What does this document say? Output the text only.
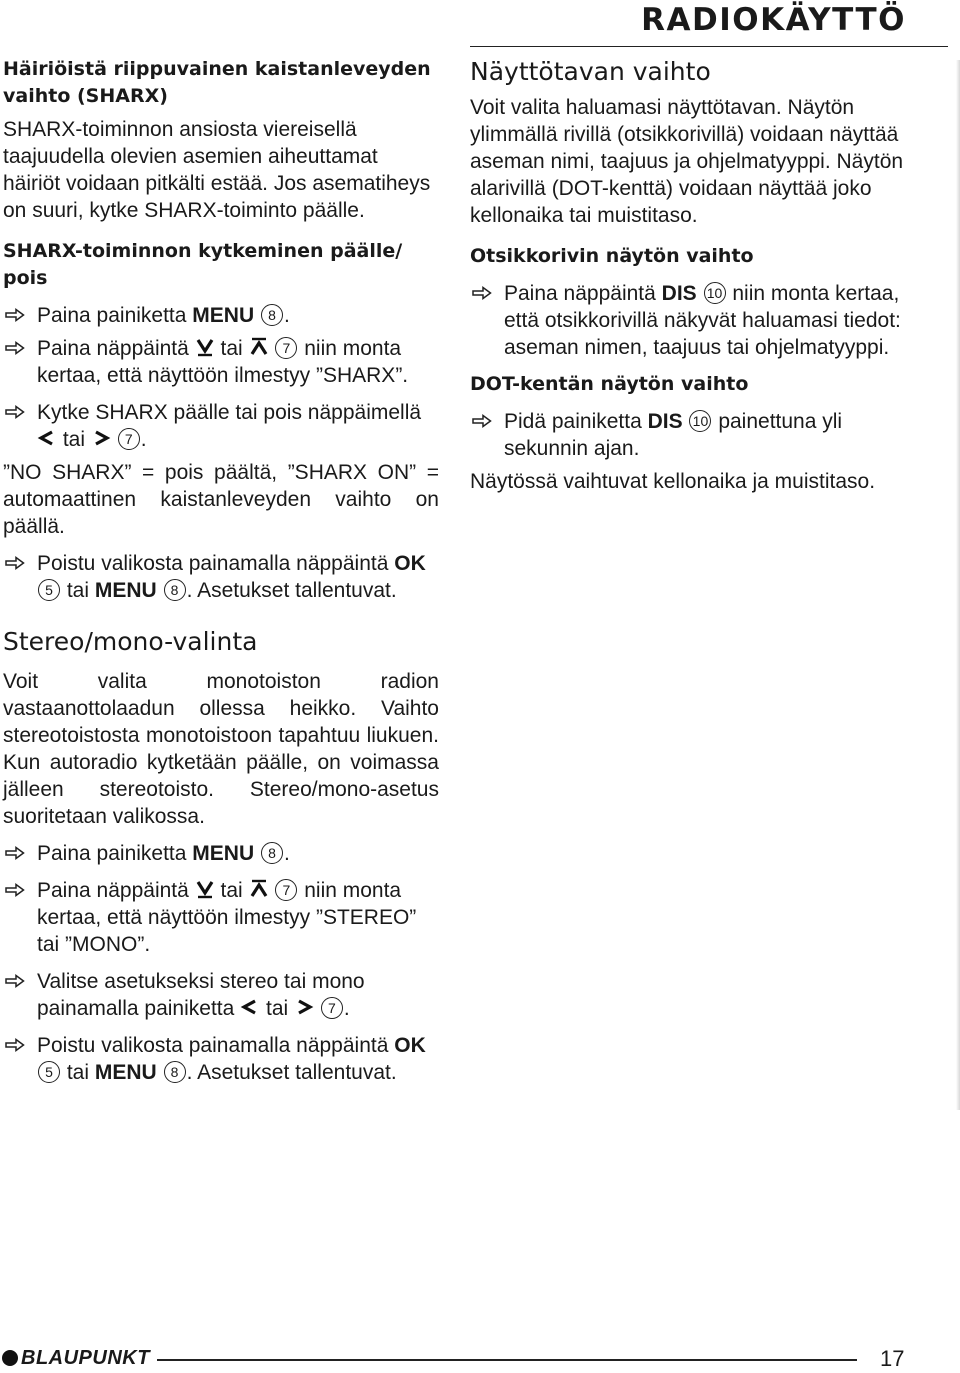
RADIOKÄYTTÖ

Häiriöistä riippuvainen kaistanleveyden vaihto (SHARX)

SHARX-toiminnon ansiosta viereisellä taajuudella olevien asemien aiheuttamat häiriöt voidaan pitkälti estää. Jos asematiheys on suuri, kytke SHARX-toiminto päälle.

SHARX-toiminnon kytkeminen päälle/ pois

Paina painiketta MENU 8 .
Paina näppäintä tai	7 niin monta kertaa, että näyttöön ilmestyy ”SHARX”.
Kytke SHARX päälle tai pois näppäimellä  tai	7 .

”NO SHARX” = pois päältä, ”SHARX ON” = automaattinen kaistanleveyden vaihto on päällä.

Poistu valikosta painamalla näppäintä OK 5 tai MENU 8 . Asetukset tallentuvat.

Stereo/mono-valinta

Voit valita monotoiston radion vastaanottolaadun ollessa heikko. Vaihto stereotoistosta monotoistoon tapahtuu liukuen. Kun autoradio kytketään päälle, on voimassa jälleen stereotoisto. Stereo/mono-asetus suoritetaan valikossa.

Paina painiketta MENU 8 .
Paina näppäintä tai	7 niin monta kertaa, että näyttöön ilmestyy ”STEREO” tai ”MONO”.
Valitse asetukseksi stereo tai mono painamalla painiketta tai	7 .
Poistu valikosta painamalla näppäintä OK 5 tai MENU 8 . Asetukset tallentuvat.

Näyttötavan vaihto

Voit valita haluamasi näyttötavan. Näytön ylimmällä rivillä (otsikkorivillä) voidaan näyttää aseman nimi, taajuus ja ohjelmatyyppi. Näytön alarivillä (DOT-kenttä) voidaan näyttää joko kellonaika tai muistitaso.

Otsikkorivin näytön vaihto

Paina näppäintä DIS 10 niin monta kertaa, että otsikkorivillä näkyvät haluamasi tiedot: aseman nimen, taajuus tai ohjelmatyyppi.

DOT-kentän näytön vaihto

Pidä painiketta DIS 10 painettuna yli sekunnin ajan.

Näytössä vaihtuvat kellonaika ja muistitaso.

BLAUPUNKT	17
